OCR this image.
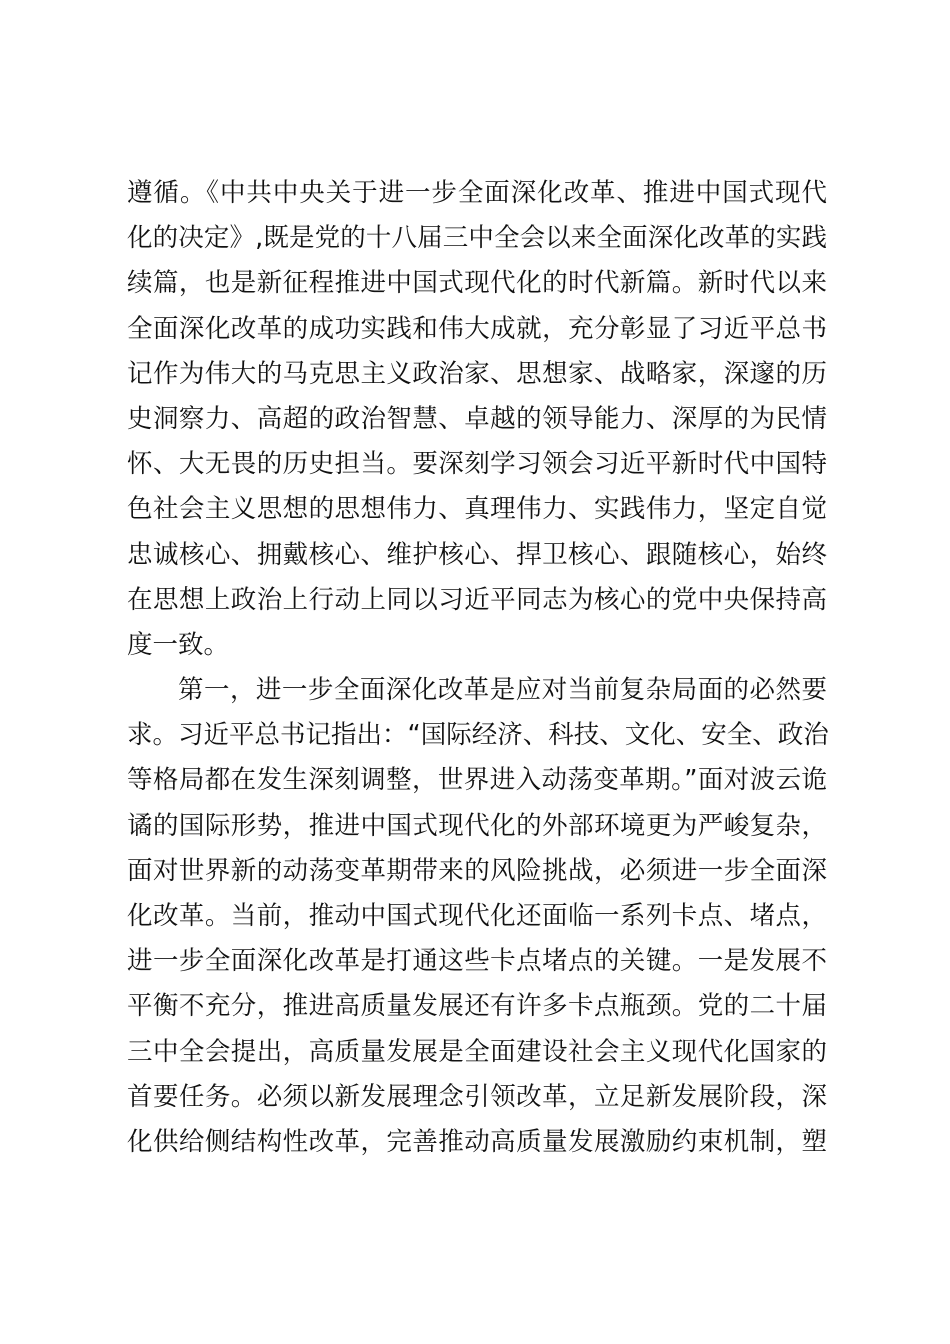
遵循。《中共中央关于进一步全面深化改革、推进中国式现代
化的决定》,既是党的十八届三中全会以来全面深化改革的实践
续篇，也是新征程推进中国式现代化的时代新篇。新时代以来
全面深化改革的成功实践和伟大成就，充分彰显了习近平总书
记作为伟大的马克思主义政治家、思想家、战略家，深邃的历
史洞察力、高超的政治智慧、卓越的领导能力、深厚的为民情
怀、大无畏的历史担当。要深刻学习领会习近平新时代中国特
色社会主义思想的思想伟力、真理伟力、实践伟力，坚定自觉
忠诚核心、拥戴核心、维护核心、捍卫核心、跟随核心，始终
在思想上政治上行动上同以习近平同志为核心的党中央保持高
度一致。
第一，进一步全面深化改革是应对当前复杂局面的必然要
求。习近平总书记指出：“国际经济、科技、文化、安全、政治
等格局都在发生深刻调整，世界进入动荡变革期。”面对波云诡
谲的国际形势，推进中国式现代化的外部环境更为严峻复杂，
面对世界新的动荡变革期带来的风险挑战，必须进一步全面深
化改革。当前，推动中国式现代化还面临一系列卡点、堵点，
进一步全面深化改革是打通这些卡点堵点的关键。一是发展不
平衡不充分，推进高质量发展还有许多卡点瓶颈。党的二十届
三中全会提出，高质量发展是全面建设社会主义现代化国家的
首要任务。必须以新发展理念引领改革，立足新发展阶段，深
化供给侧结构性改革，完善推动高质量发展激励约束机制，塑
